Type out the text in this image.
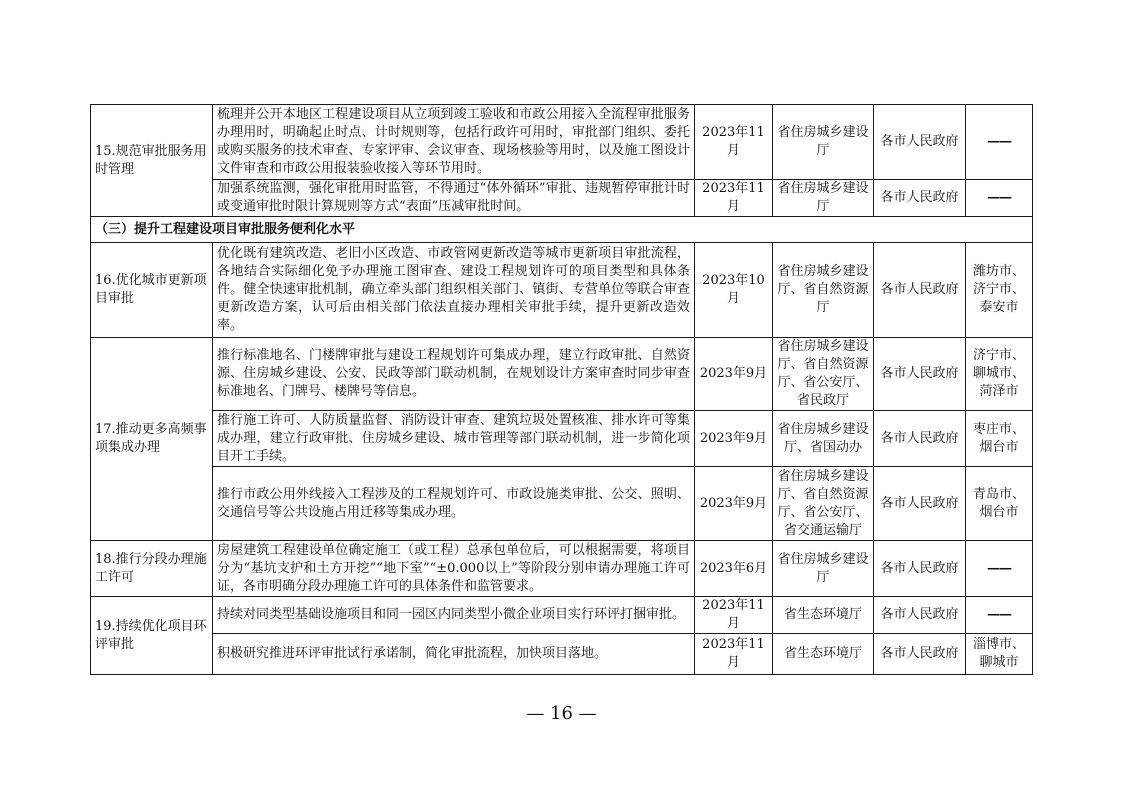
15.规范审批服务用时管理	梳理并公开本地区工程建设项目从立项到竣工验收和市政公用接入全流程审批服务办理用时，明确起止时点、计时规则等，包括行政许可用时，审批部门组织、委托或购买服务的技术审查、专家评审、会议审查、现场核验等用时，以及施工图设计文件审查和市政公用报装验收接入等环节用时。	2023年11月	省住房城乡建设厅	各市人民政府	——
	加强系统监测，强化审批用时监管，不得通过“体外循环”审批、违规暂停审批计时或变通审批时限计算规则等方式“表面”压减审批时间。	2023年11月	省住房城乡建设厅	各市人民政府	——
（三）提升工程建设项目审批服务便利化水平					
16.优化城市更新项目审批	优化既有建筑改造、老旧小区改造、市政管网更新改造等城市更新项目审批流程，各地结合实际细化免予办理施工图审查、建设工程规划许可的项目类型和具体条件。健全快速审批机制，确立牵头部门组织相关部门、镇街、专营单位等联合审查更新改造方案，认可后由相关部门依法直接办理相关审批手续，提升更新改造效率。	2023年10月	省住房城乡建设厅、省自然资源厅	各市人民政府	潍坊市、济宁市、泰安市
17.推动更多高频事项集成办理	推行标准地名、门楼牌审批与建设工程规划许可集成办理，建立行政审批、自然资源、住房城乡建设、公安、民政等部门联动机制，在规划设计方案审查时同步审查标准地名、门牌号、楼牌号等信息。	2023年9月	省住房城乡建设厅、省自然资源厅、省公安厅、省民政厅	各市人民政府	济宁市、聊城市、菏泽市
	推行施工许可、人防质量监督、消防设计审查、建筑垃圾处置核准、排水许可等集成办理，建立行政审批、住房城乡建设、城市管理等部门联动机制，进一步简化项目开工手续。	2023年9月	省住房城乡建设厅、省国动办	各市人民政府	枣庄市、烟台市
	推行市政公用外线接入工程涉及的工程规划许可、市政设施类审批、公交、照明、交通信号等公共设施占用迁移等集成办理。	2023年9月	省住房城乡建设厅、省自然资源厅、省公安厅、省交通运输厅	各市人民政府	青岛市、烟台市
18.推行分段办理施工许可	房屋建筑工程建设单位确定施工（或工程）总承包单位后，可以根据需要，将项目分为“基坑支护和土方开挖”“地下室”“±0.000以上”等阶段分别申请办理施工许可证，各市明确分段办理施工许可的具体条件和监管要求。	2023年6月	省住房城乡建设厅	各市人民政府	——
19.持续优化项目环评审批	持续对同类型基础设施项目和同一园区内同类型小微企业项目实行环评打捆审批。	2023年11月	省生态环境厅	各市人民政府	——
	积极研究推进环评审批试行承诺制，简化审批流程，加快项目落地。	2023年11月	省生态环境厅	各市人民政府	淄博市、聊城市
— 16 —
